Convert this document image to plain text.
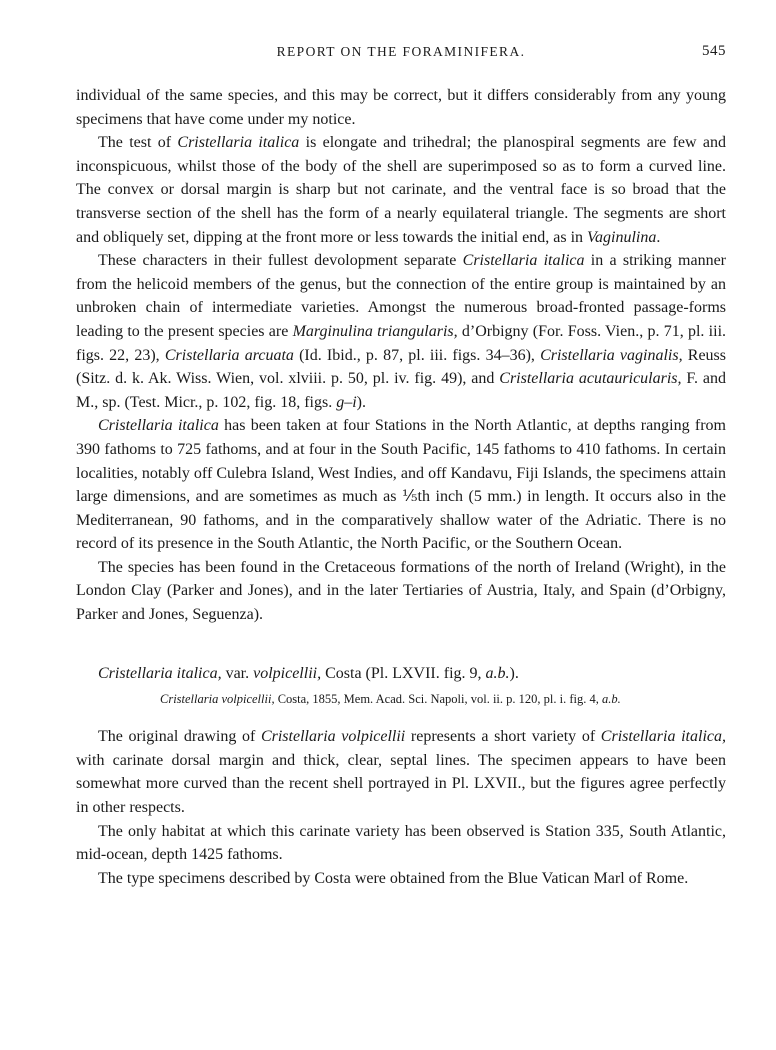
REPORT ON THE FORAMINIFERA.	545

individual of the same species, and this may be correct, but it differs considerably from any young specimens that have come under my notice.

The test of Cristellaria italica is elongate and trihedral; the planospiral segments are few and inconspicuous, whilst those of the body of the shell are superimposed so as to form a curved line. The convex or dorsal margin is sharp but not carinate, and the ventral face is so broad that the transverse section of the shell has the form of a nearly equilateral triangle. The segments are short and obliquely set, dipping at the front more or less towards the initial end, as in Vaginulina.

These characters in their fullest devolopment separate Cristellaria italica in a striking manner from the helicoid members of the genus, but the connection of the entire group is maintained by an unbroken chain of intermediate varieties. Amongst the numerous broad-fronted passage-forms leading to the present species are Marginulina triangularis, d’Orbigny (For. Foss. Vien., p. 71, pl. iii. figs. 22, 23), Cristellaria arcuata (Id. Ibid., p. 87, pl. iii. figs. 34–36), Cristellaria vaginalis, Reuss (Sitz. d. k. Ak. Wiss. Wien, vol. xlviii. p. 50, pl. iv. fig. 49), and Cristellaria acutauricularis, F. and M., sp. (Test. Micr., p. 102, fig. 18, figs. g–i).

Cristellaria italica has been taken at four Stations in the North Atlantic, at depths ranging from 390 fathoms to 725 fathoms, and at four in the South Pacific, 145 fathoms to 410 fathoms. In certain localities, notably off Culebra Island, West Indies, and off Kandavu, Fiji Islands, the specimens attain large dimensions, and are sometimes as much as ⅕th inch (5 mm.) in length. It occurs also in the Mediterranean, 90 fathoms, and in the comparatively shallow water of the Adriatic. There is no record of its presence in the South Atlantic, the North Pacific, or the Southern Ocean.

The species has been found in the Cretaceous formations of the north of Ireland (Wright), in the London Clay (Parker and Jones), and in the later Tertiaries of Austria, Italy, and Spain (d’Orbigny, Parker and Jones, Seguenza).

Cristellaria italica, var. volpicellii, Costa (Pl. LXVII. fig. 9, a.b.).

Cristellaria volpicellii, Costa, 1855, Mem. Acad. Sci. Napoli, vol. ii. p. 120, pl. i. fig. 4, a.b.

The original drawing of Cristellaria volpicellii represents a short variety of Cristellaria italica, with carinate dorsal margin and thick, clear, septal lines. The specimen appears to have been somewhat more curved than the recent shell portrayed in Pl. LXVII., but the figures agree perfectly in other respects.

The only habitat at which this carinate variety has been observed is Station 335, South Atlantic, mid-ocean, depth 1425 fathoms.

The type specimens described by Costa were obtained from the Blue Vatican Marl of Rome.
